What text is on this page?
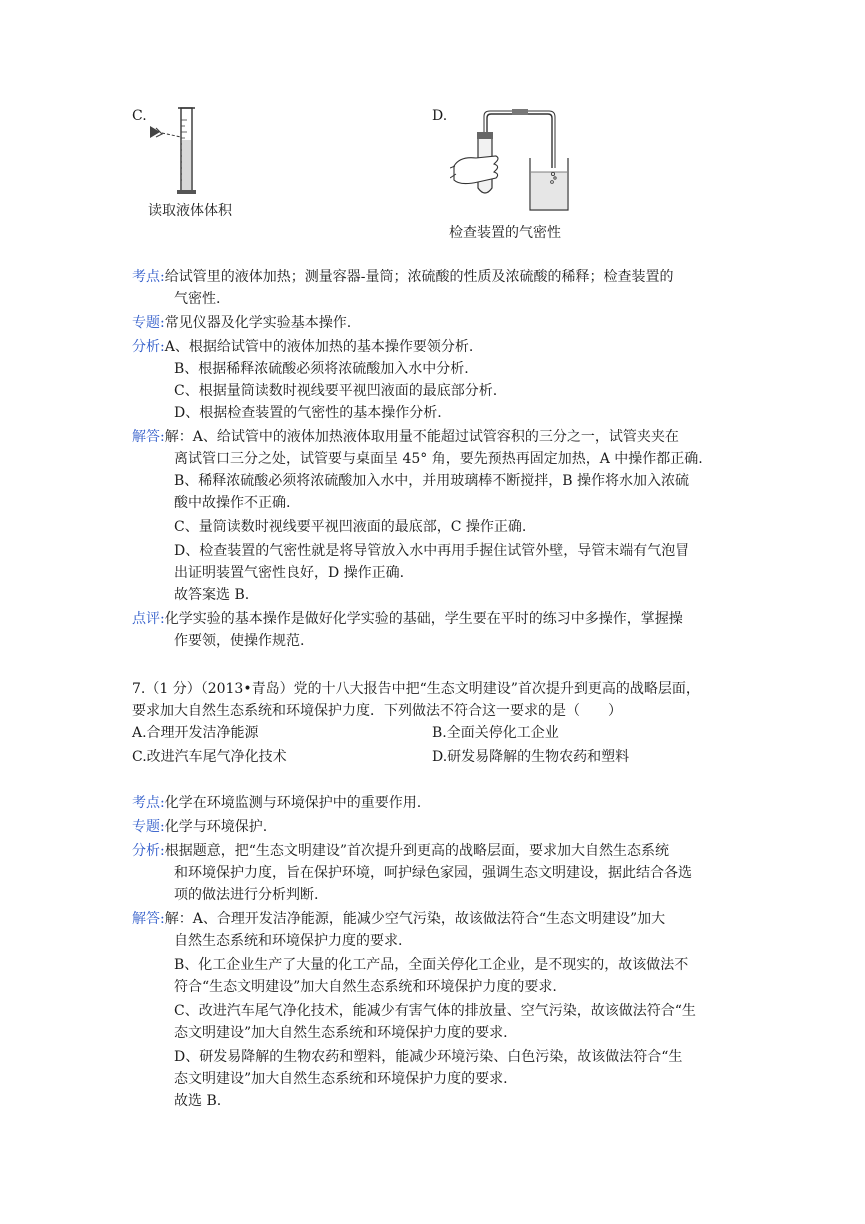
C.
读取液体体积
D.
检查装置的气密性
考点:给试管里的液体加热；测量容器-量筒；浓硫酸的性质及浓硫酸的稀释；检查装置的
气密性.
专题:常见仪器及化学实验基本操作.
分析:A、根据给试管中的液体加热的基本操作要领分析.
B、根据稀释浓硫酸必须将浓硫酸加入水中分析.
C、根据量筒读数时视线要平视凹液面的最底部分析.
D、根据检查装置的气密性的基本操作分析.
解答:解：A、给试管中的液体加热液体取用量不能超过试管容积的三分之一，试管夹夹在
离试管口三分之处，试管要与桌面呈 45° 角，要先预热再固定加热，A 中操作都正确.
B、稀释浓硫酸必须将浓硫酸加入水中，并用玻璃棒不断搅拌，B 操作将水加入浓硫
酸中故操作不正确.
C、量筒读数时视线要平视凹液面的最底部，C 操作正确.
D、检查装置的气密性就是将导管放入水中再用手握住试管外壁，导管末端有气泡冒
出证明装置气密性良好，D 操作正确.
故答案选 B.
点评:化学实验的基本操作是做好化学实验的基础，学生要在平时的练习中多操作，掌握操
作要领，使操作规范.
7.（1 分）（2013•青岛）党的十八大报告中把“生态文明建设”首次提升到更高的战略层面，
要求加大自然生态系统和环境保护力度．下列做法不符合这一要求的是（　　）
A.合理开发洁净能源	B.全面关停化工企业
C.改进汽车尾气净化技术	D.研发易降解的生物农药和塑料
考点:化学在环境监测与环境保护中的重要作用.
专题:化学与环境保护.
分析:根据题意，把“生态文明建设”首次提升到更高的战略层面，要求加大自然生态系统
和环境保护力度，旨在保护环境，呵护绿色家园，强调生态文明建设，据此结合各选
项的做法进行分析判断.
解答:解：A、合理开发洁净能源，能减少空气污染，故该做法符合“生态文明建设”加大
自然生态系统和环境保护力度的要求.
B、化工企业生产了大量的化工产品，全面关停化工企业，是不现实的，故该做法不
符合“生态文明建设”加大自然生态系统和环境保护力度的要求.
C、改进汽车尾气净化技术，能减少有害气体的排放量、空气污染，故该做法符合“生
态文明建设”加大自然生态系统和环境保护力度的要求.
D、研发易降解的生物农药和塑料，能减少环境污染、白色污染，故该做法符合“生
态文明建设”加大自然生态系统和环境保护力度的要求.
故选 B.
